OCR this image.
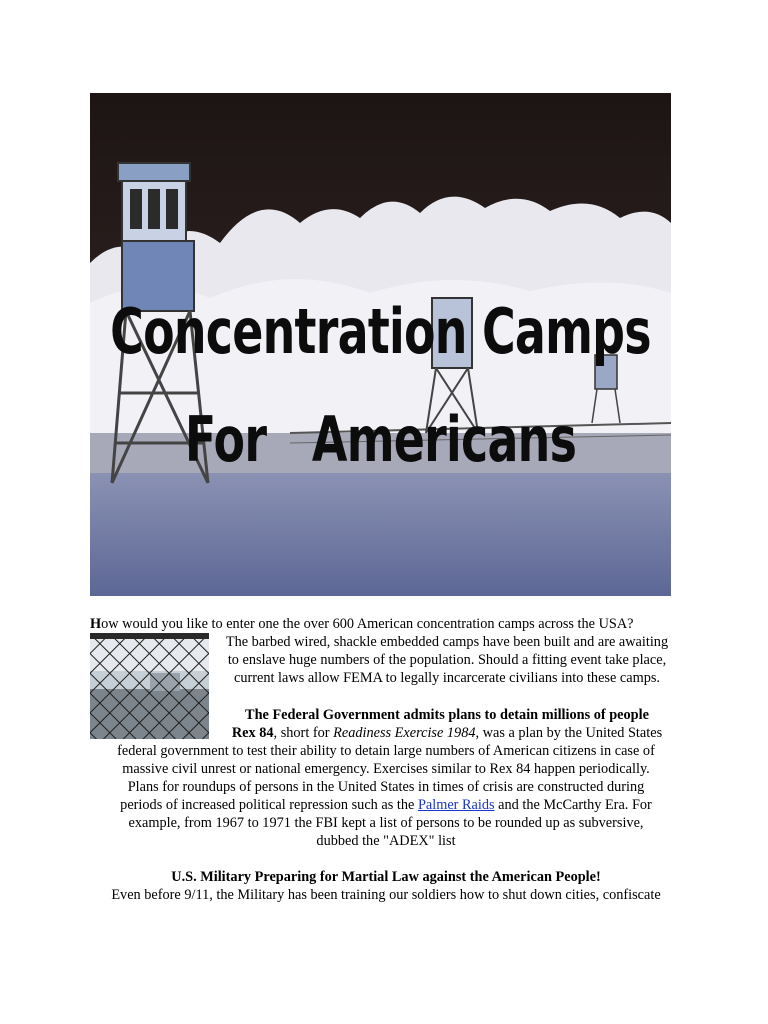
Concentration Camps
For   Americans
How would you like to enter one the over 600 American concentration camps across the USA?
The barbed wired, shackle embedded camps have been built and are awaiting
to enslave huge numbers of the population. Should a fitting event take place,
current laws allow FEMA to legally incarcerate civilians into these camps.
The Federal Government admits plans to detain millions of people
Rex 84, short for Readiness Exercise 1984, was a plan by the United States
federal government to test their ability to detain large numbers of American citizens in case of
massive civil unrest or national emergency. Exercises similar to Rex 84 happen periodically.
Plans for roundups of persons in the United States in times of crisis are constructed during
periods of increased political repression such as the Palmer Raids and the McCarthy Era. For
example, from 1967 to 1971 the FBI kept a list of persons to be rounded up as subversive,
dubbed the "ADEX" list
U.S. Military Preparing for Martial Law against the American People!
Even before 9/11, the Military has been training our soldiers how to shut down cities, confiscate
